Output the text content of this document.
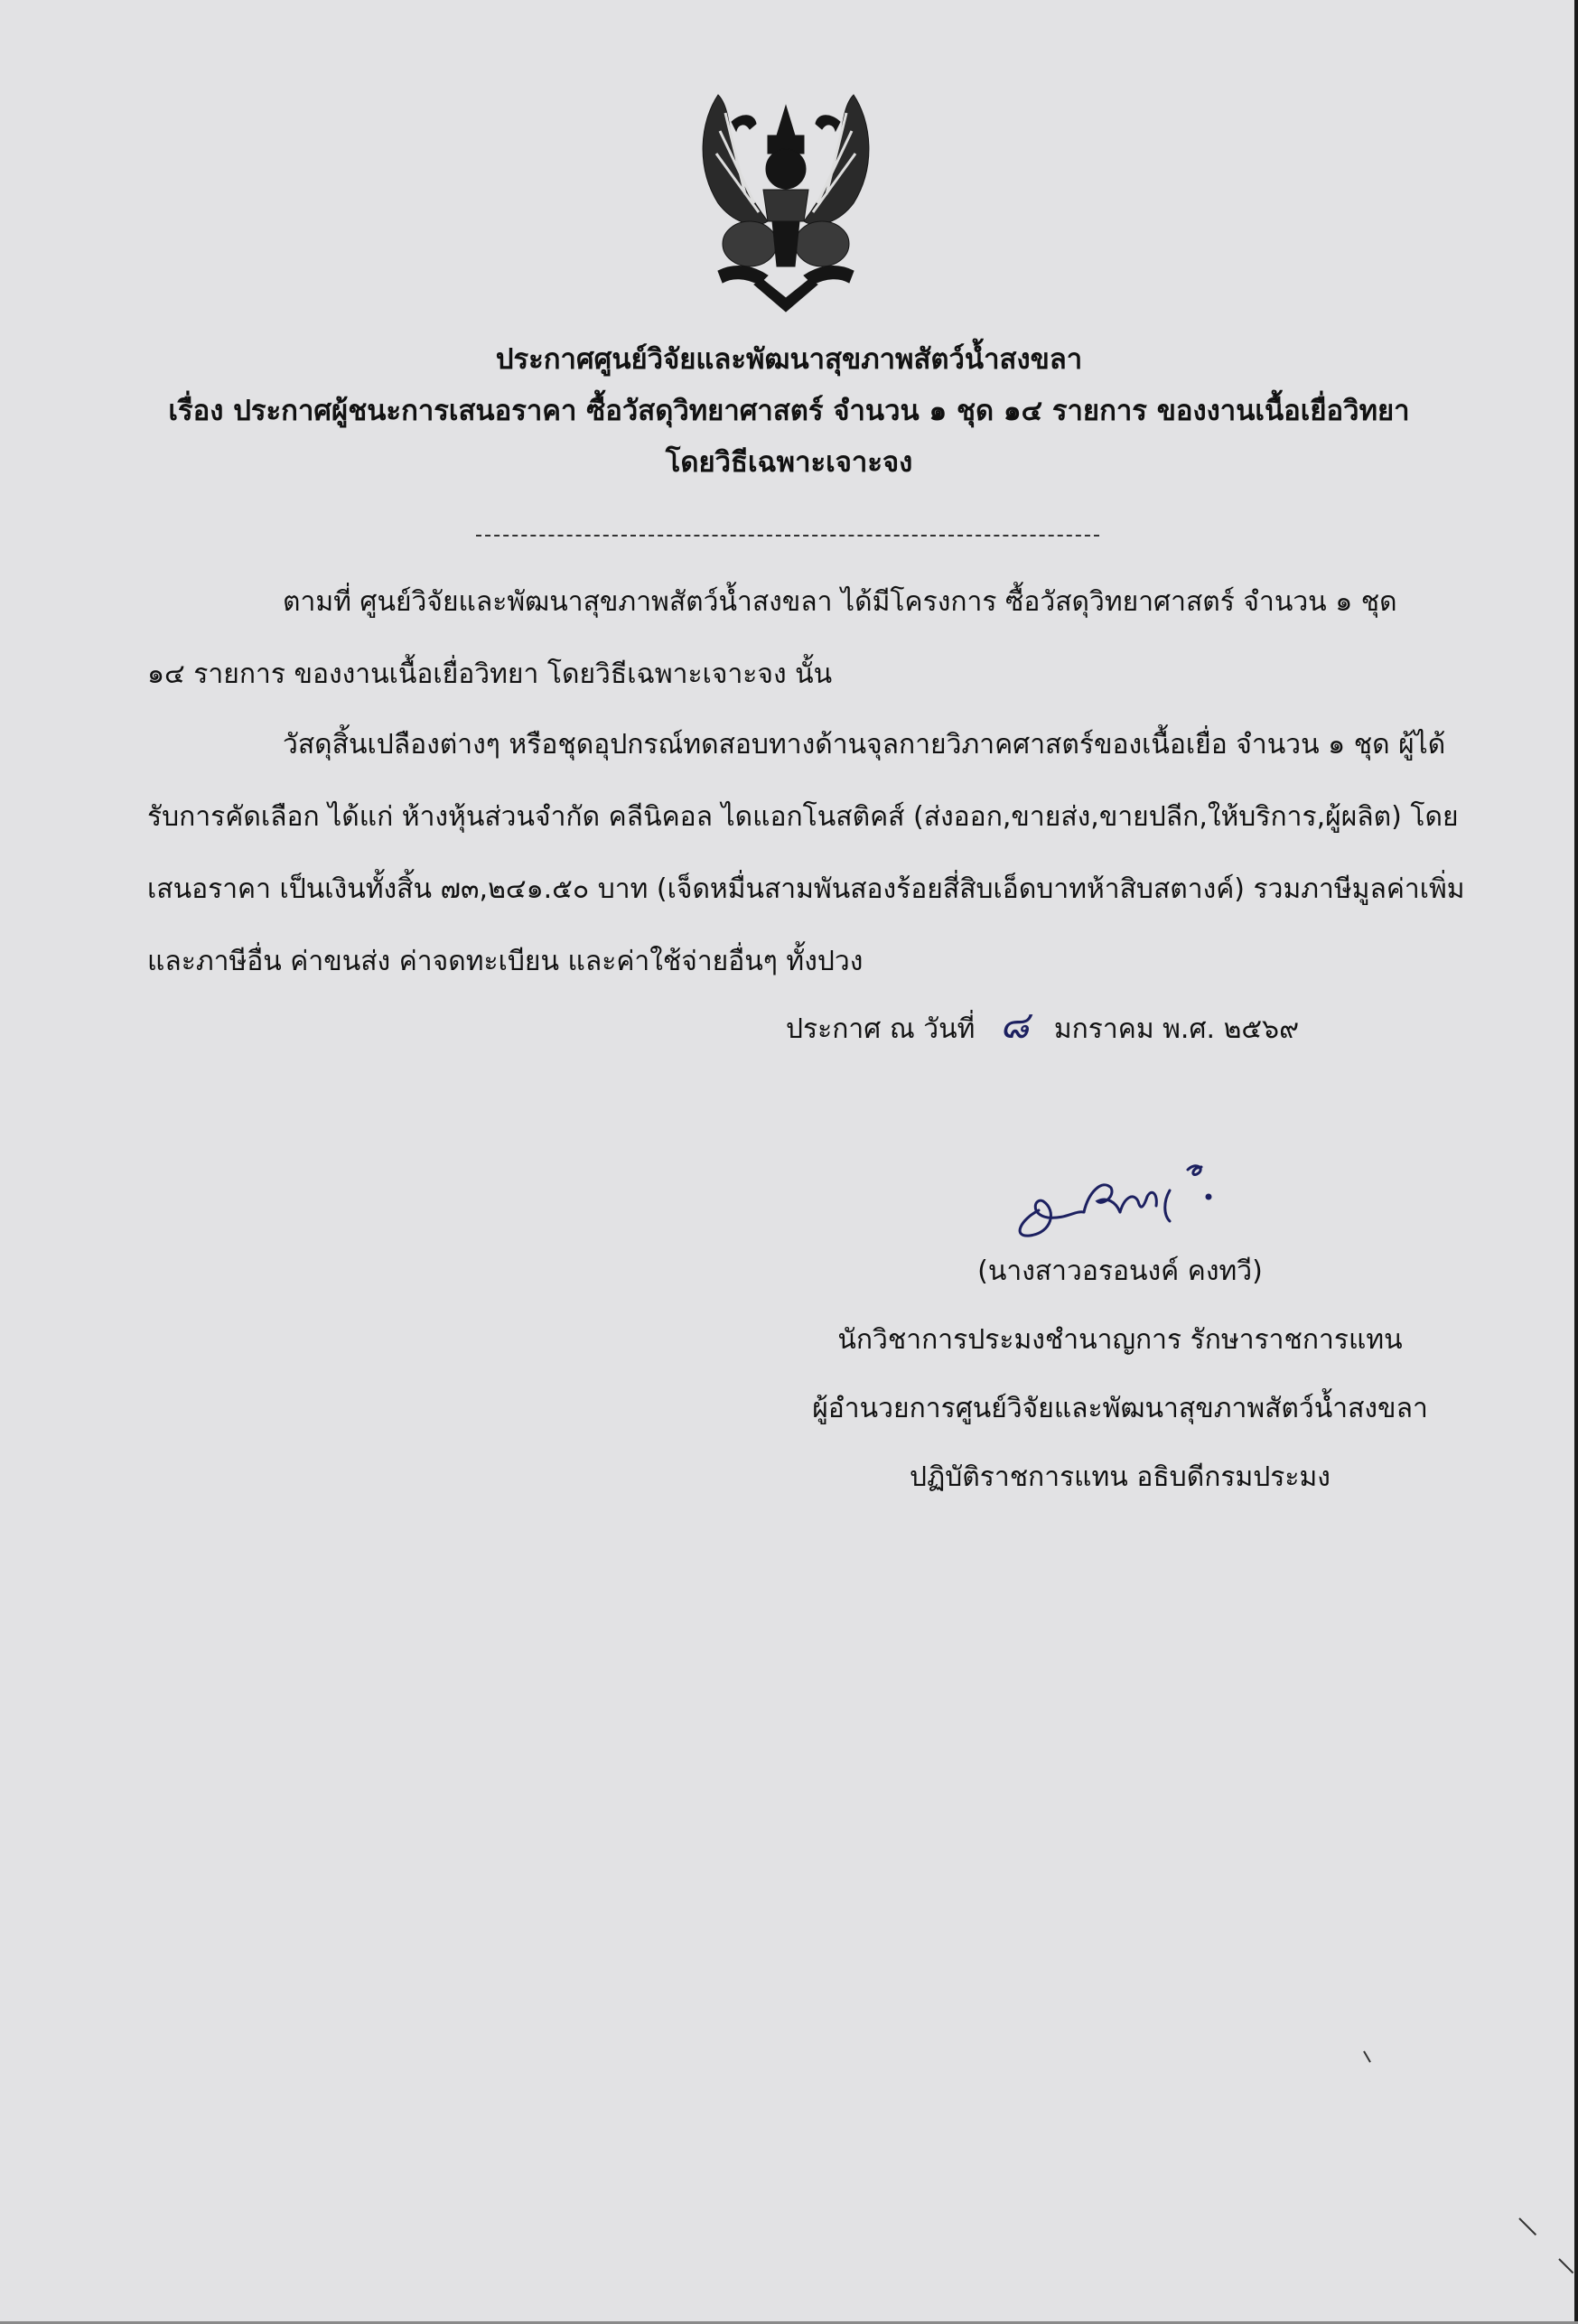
ประกาศศูนย์วิจัยและพัฒนาสุขภาพสัตว์น้ำสงขลา
เรื่อง ประกาศผู้ชนะการเสนอราคา ซื้อวัสดุวิทยาศาสตร์ จำนวน ๑ ชุด ๑๔ รายการ ของงานเนื้อเยื่อวิทยา
โดยวิธีเฉพาะเจาะจง
ตามที่ ศูนย์วิจัยและพัฒนาสุขภาพสัตว์น้ำสงขลา ได้มีโครงการ ซื้อวัสดุวิทยาศาสตร์ จำนวน ๑ ชุด
๑๔ รายการ ของงานเนื้อเยื่อวิทยา โดยวิธีเฉพาะเจาะจง นั้น
วัสดุสิ้นเปลืองต่างๆ หรือชุดอุปกรณ์ทดสอบทางด้านจุลกายวิภาคศาสตร์ของเนื้อเยื่อ จำนวน ๑ ชุด ผู้ได้
รับการคัดเลือก ได้แก่ ห้างหุ้นส่วนจำกัด คลีนิคอล ไดแอกโนสติคส์ (ส่งออก,ขายส่ง,ขายปลีก,ให้บริการ,ผู้ผลิต) โดย
เสนอราคา เป็นเงินทั้งสิ้น ๗๓,๒๔๑.๕๐ บาท (เจ็ดหมื่นสามพันสองร้อยสี่สิบเอ็ดบาทห้าสิบสตางค์) รวมภาษีมูลค่าเพิ่ม
และภาษีอื่น ค่าขนส่ง ค่าจดทะเบียน และค่าใช้จ่ายอื่นๆ ทั้งปวง
ประกาศ ณ วันที่ ๘ มกราคม พ.ศ. ๒๕๖๙
(นางสาวอรอนงค์ คงทวี)
นักวิชาการประมงชำนาญการ รักษาราชการแทน
ผู้อำนวยการศูนย์วิจัยและพัฒนาสุขภาพสัตว์น้ำสงขลา
ปฏิบัติราชการแทน อธิบดีกรมประมง
